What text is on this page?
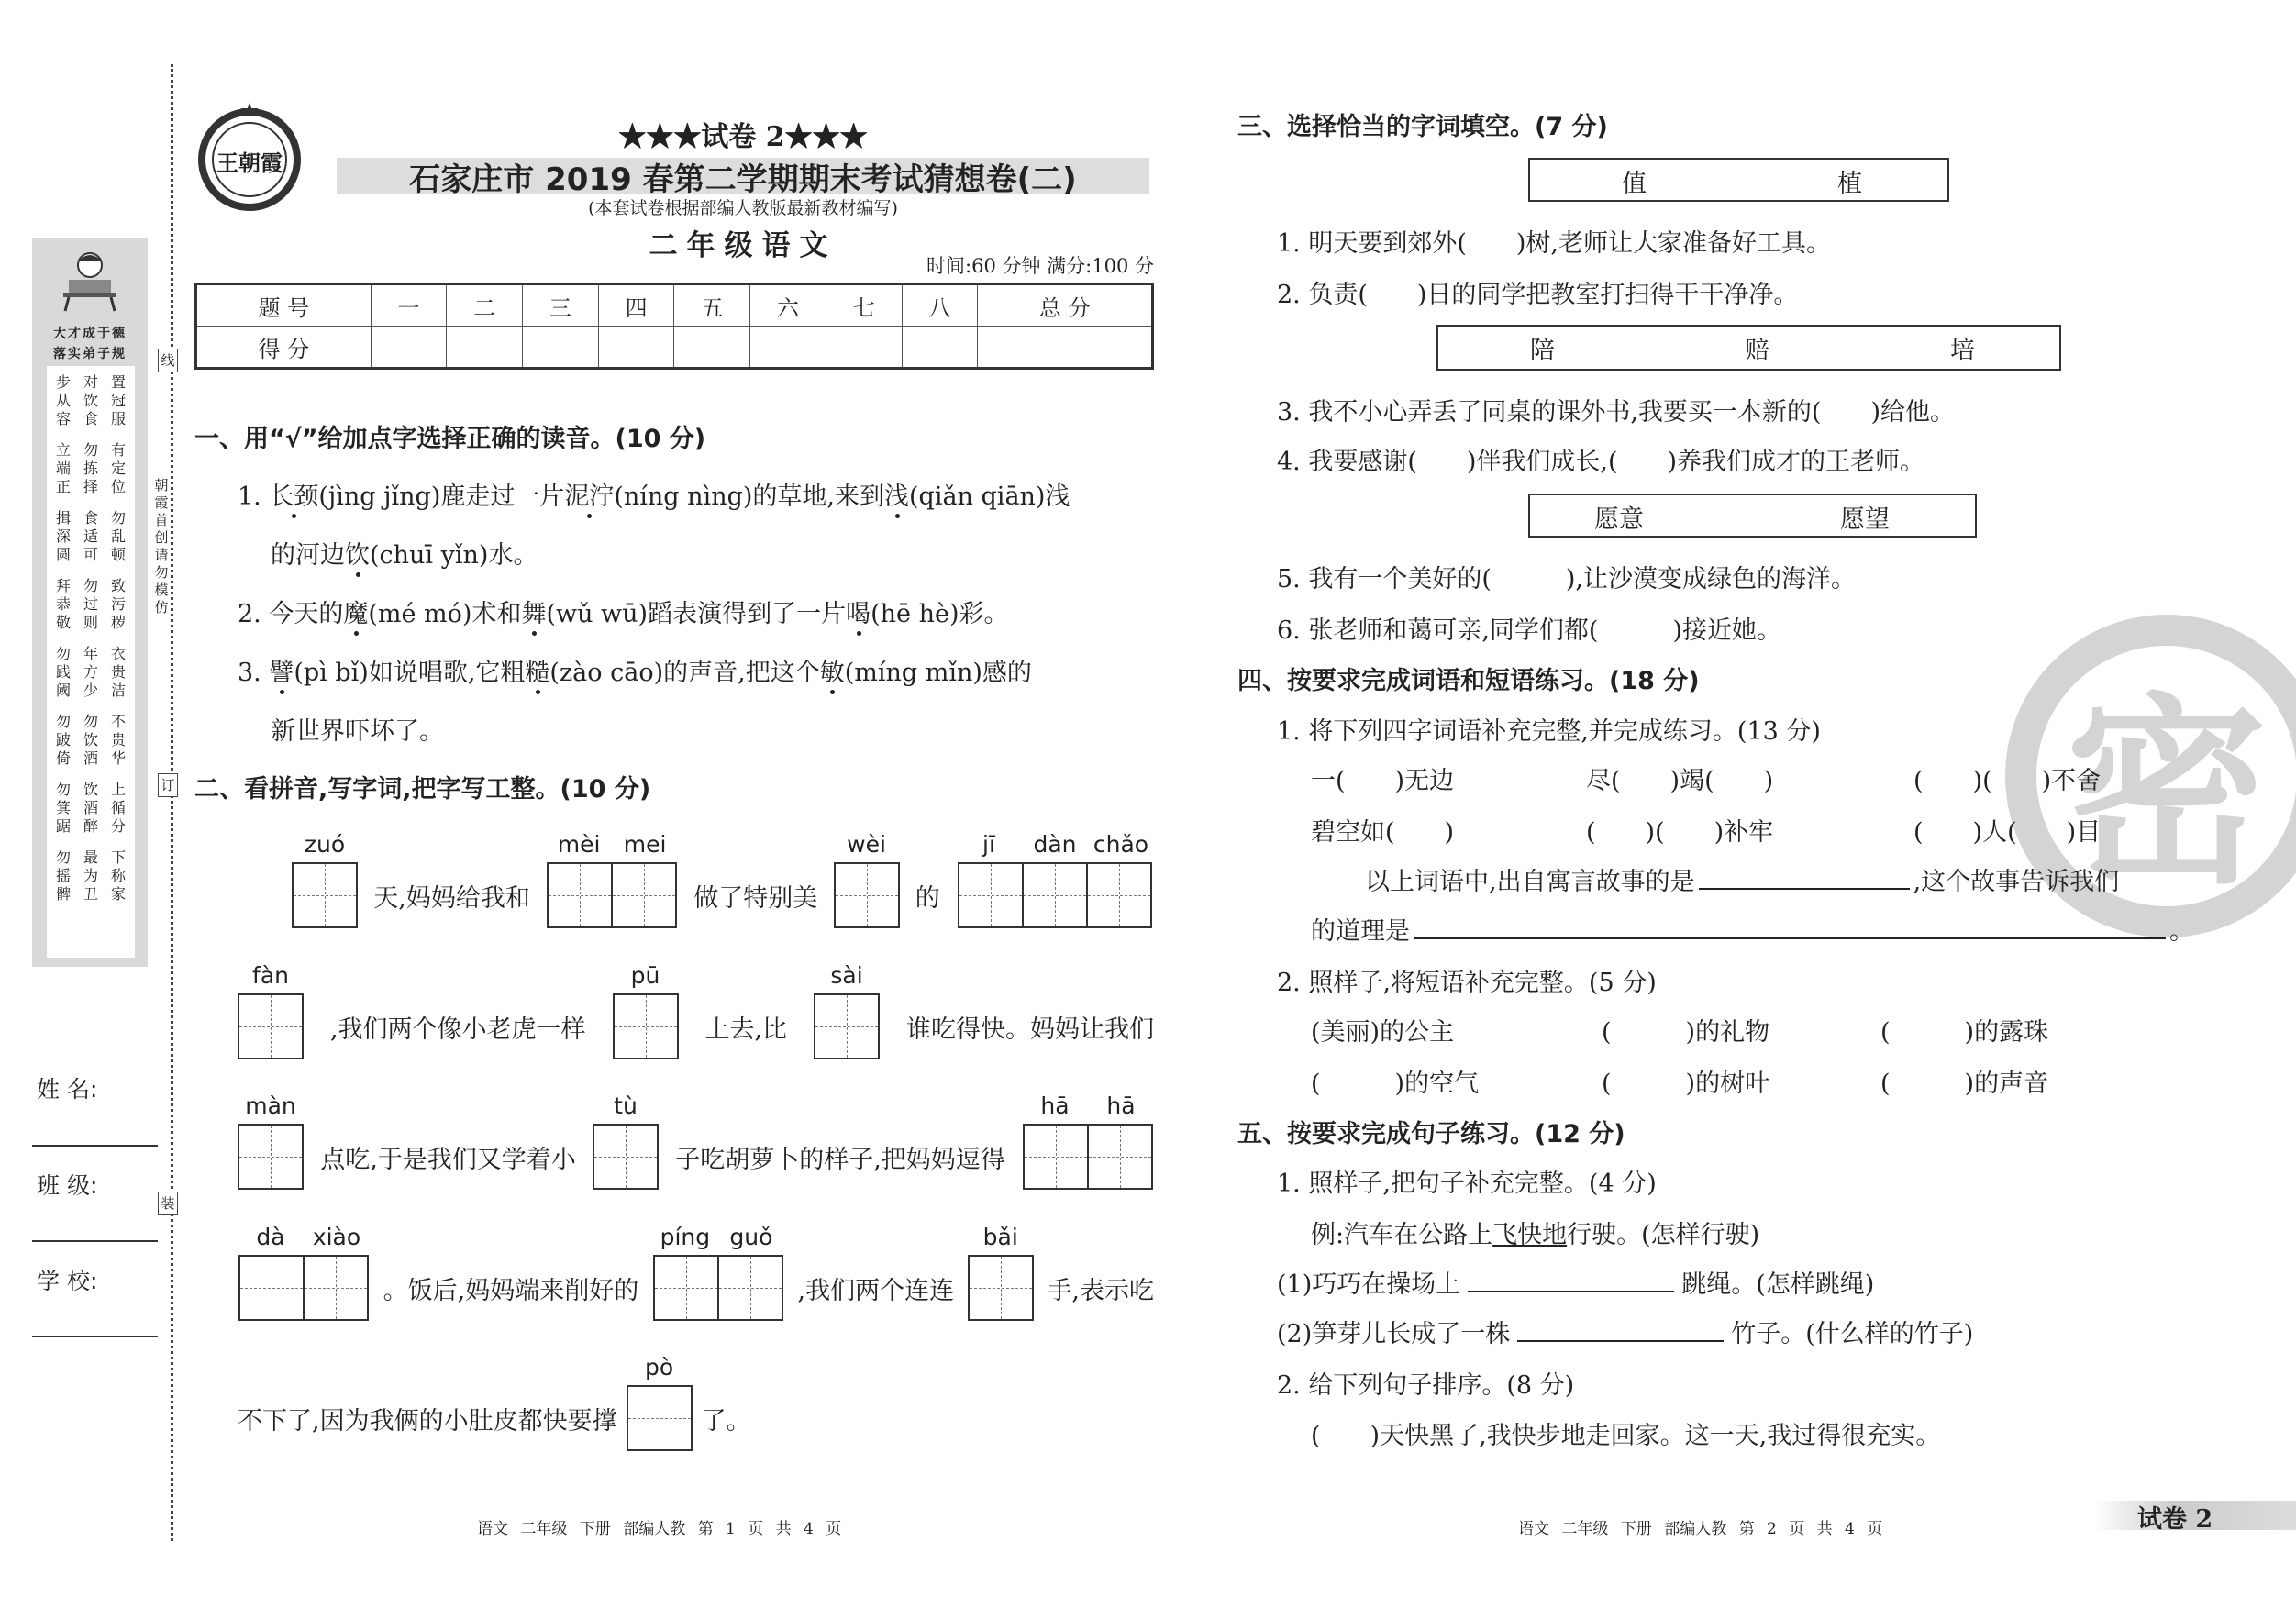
大才成于德
落实弟子规
步对置
从饮冠
容食服
立勿有
端拣定
正择位
揖食勿
深适乱
圆可顿
拜勿致
恭过污
敬则秽
勿年衣
践方贵
阈少洁
勿勿不
跛饮贵
倚酒华
勿饮上
箕酒循
踞醉分
勿最下
摇为称
髀丑家
线
订
装
朝霞首创 请勿模仿
姓 名:
班 级:
学 校:
王朝霞
★★★试卷 2★★★
石家庄市 2019 春第二学期期末考试猜想卷(二)
(本套试卷根据部编人教版最新教材编写)
二年级语文
时间:60 分钟 满分:100 分
题 号	一	二	三	四	五	六	七	八	总 分
得 分									
一、用“√”给加点字选择正确的读音。(10 分)
1. 长颈(jìng jǐng)鹿走过一片泥泞(níng nìng)的草地,来到浅(qiǎn qiān)浅
的河边饮(chuī yǐn)水。
2. 今天的魔(mé mó)术和舞(wǔ wū)蹈表演得到了一片喝(hē hè)彩。
3. 譬(pì bǐ)如说唱歌,它粗糙(zào cāo)的声音,把这个敏(míng mǐn)感的
新世界吓坏了。
二、看拼音,写字词,把字写工整。(10 分)
zuó
天,妈妈给我和
mèi	mei
做了特别美
wèi
的
jī	dàn chǎo
fàn
,我们两个像小老虎一样
pū
上去,比
sài
谁吃得快。妈妈让我们
màn
点吃,于是我们又学着小
tù
子吃胡萝卜的样子,把妈妈逗得
hā	hā
dà	xiào
。饭后,妈妈端来削好的
píng guǒ
,我们两个连连
bǎi
手,表示吃
不下了,因为我俩的小肚皮都快要撑
pò
了。
三、选择恰当的字词填空。(7 分)
值	植
1. 明天要到郊外(　　)树,老师让大家准备好工具。
2. 负责(　　)日的同学把教室打扫得干干净净。
陪	赔	培
3. 我不小心弄丢了同桌的课外书,我要买一本新的(　　)给他。
4. 我要感谢(　　)伴我们成长,(　　)养我们成才的王老师。
愿意	愿望
5. 我有一个美好的(　　　),让沙漠变成绿色的海洋。
6. 张老师和蔼可亲,同学们都(　　　)接近她。
密
四、按要求完成词语和短语练习。(18 分)
1. 将下列四字词语补充完整,并完成练习。(13 分)
一(　　)无边	尽(　　)竭(　　)	(　　)(　　)不舍
碧空如(　　)	(　　)(　　)补牢	(　　)人(　　)目
以上词语中,出自寓言故事的是	,这个故事告诉我们
的道理是	。
2. 照样子,将短语补充完整。(5 分)
(美丽)的公主	(　　　)的礼物	(　　　)的露珠
(　　　)的空气	(　　　)的树叶	(　　　)的声音
五、按要求完成句子练习。(12 分)
1. 照样子,把句子补充完整。(4 分)
例:汽车在公路上飞快地行驶。(怎样行驶)
(1)巧巧在操场上	跳绳。(怎样跳绳)
(2)笋芽儿长成了一株	竹子。(什么样的竹子)
2. 给下列句子排序。(8 分)
(　　)天快黑了,我快步地走回家。这一天,我过得很充实。
语文 二年级 下册 部编人教 第 1 页 共 4 页	语文 二年级 下册 部编人教 第 2 页 共 4 页	试卷 2
